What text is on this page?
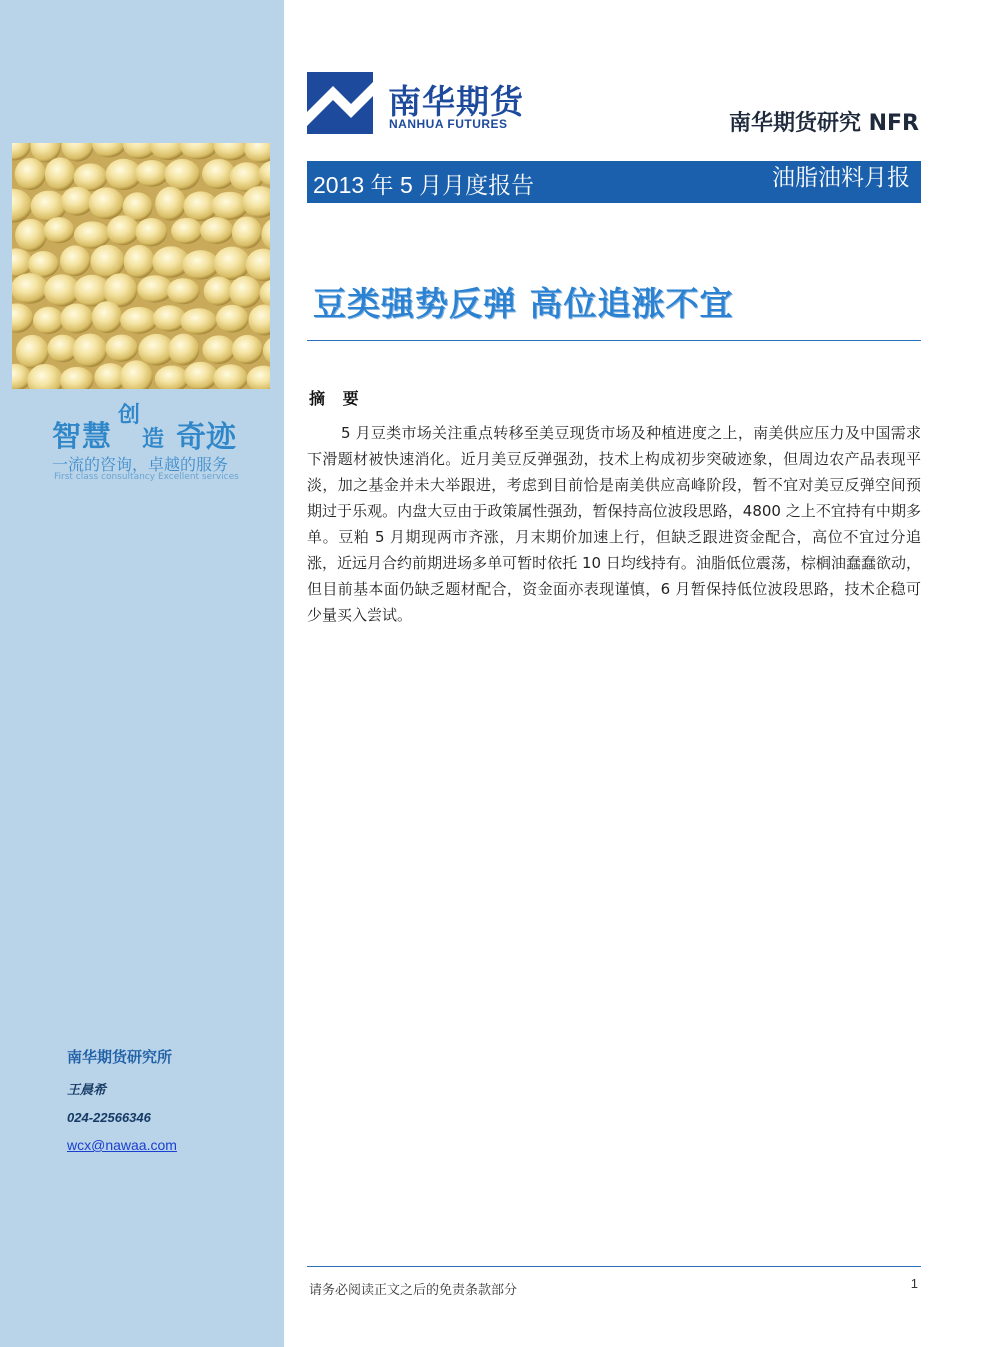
智慧
创
造 奇迹
一流的咨询，卓越的服务
First class consultancy Excellent services
南华期货研究所
王晨希
024-22566346
wcx@nawaa.com
南华期货
NANHUA FUTURES	南华期货研究 NFR
2013 年 5 月月度报告	油脂油料月报
豆类强势反弹 高位追涨不宜
摘 要
5 月豆类市场关注重点转移至美豆现货市场及种植进度之上，南美供应压力及中国需求下滑题材被快速消化。近月美豆反弹强劲，技术上构成初步突破迹象，但周边农产品表现平淡，加之基金并未大举跟进，考虑到目前恰是南美供应高峰阶段，暂不宜对美豆反弹空间预期过于乐观。内盘大豆由于政策属性强劲，暂保持高位波段思路，4800 之上不宜持有中期多单。豆粕 5 月期现两市齐涨，月末期价加速上行，但缺乏跟进资金配合，高位不宜过分追涨，近远月合约前期进场多单可暂时依托 10 日均线持有。油脂低位震荡，棕榈油蠢蠢欲动，但目前基本面仍缺乏题材配合，资金面亦表现谨慎，6 月暂保持低位波段思路，技术企稳可少量买入尝试。
请务必阅读正文之后的免责条款部分	1
